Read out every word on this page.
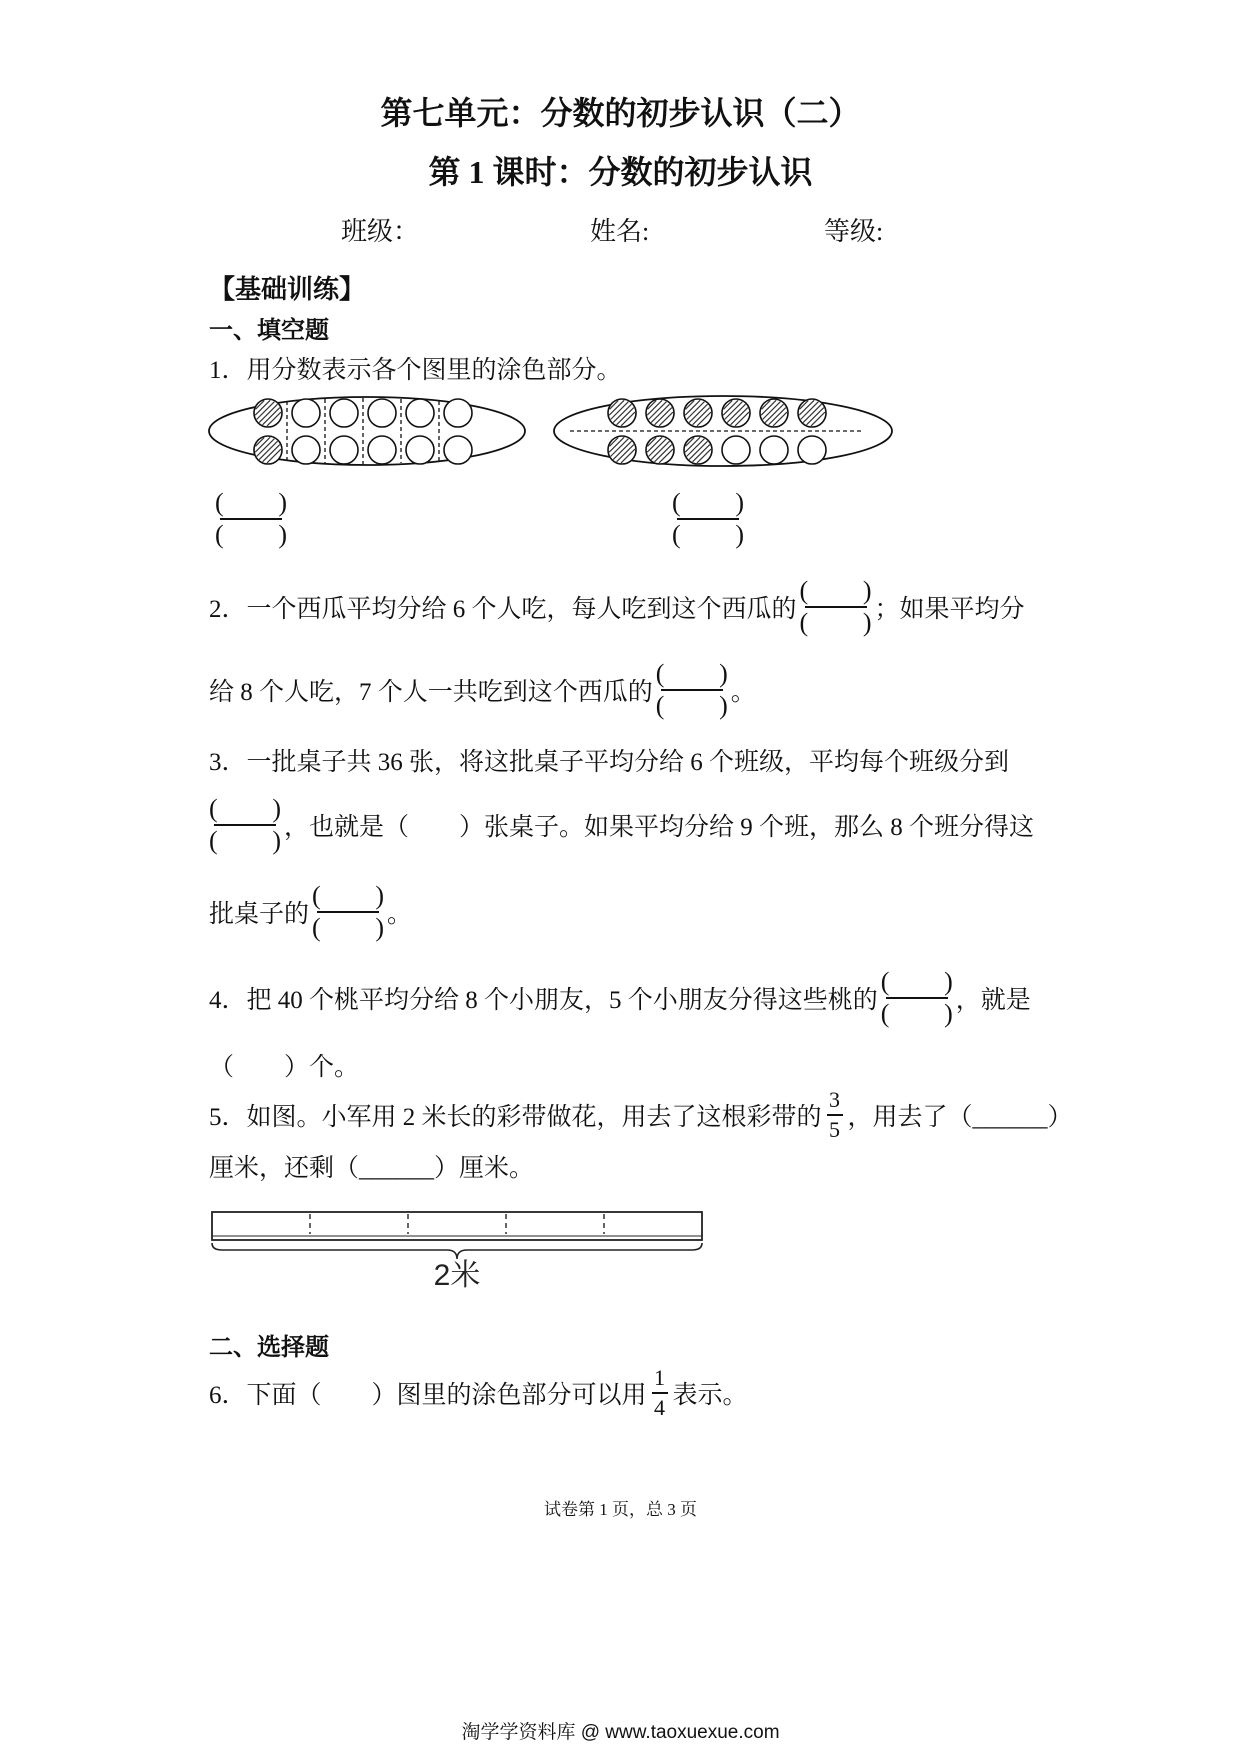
第七单元：分数的初步认识（二）
第 1 课时：分数的初步认识
班级：	姓名:	等级:
【基础训练】
一、填空题
1．用分数表示各个图里的涂色部分。
( )
( )
( )
( )
2．一个西瓜平均分给 6 个人吃，每人吃到这个西瓜的
( )
( ) ；如果平均分
给 8 个人吃，7 个人一共吃到这个西瓜的
( )
( ) 。
3．一批桌子共 36 张，将这批桌子平均分给 6 个班级，平均每个班级分到
( )
( ) ，也就是（　　）张桌子。如果平均分给 9 个班，那么 8 个班分得这
批桌子的
( )
( ) 。
4．把 40 个桃平均分给 8 个小朋友，5 个小朋友分得这些桃的
( )
( ) ，就是
（　　）个。
5．如图。小军用 2 米长的彩带做花，用去了这根彩带的
3
5 ，用去了（______）
厘米，还剩（______）厘米。
2米
二、选择题
6．下面（　　）图里的涂色部分可以用
1
4 表示。
试卷第 1 页，总 3 页
淘学学资料库 @ www.taoxuexue.com
